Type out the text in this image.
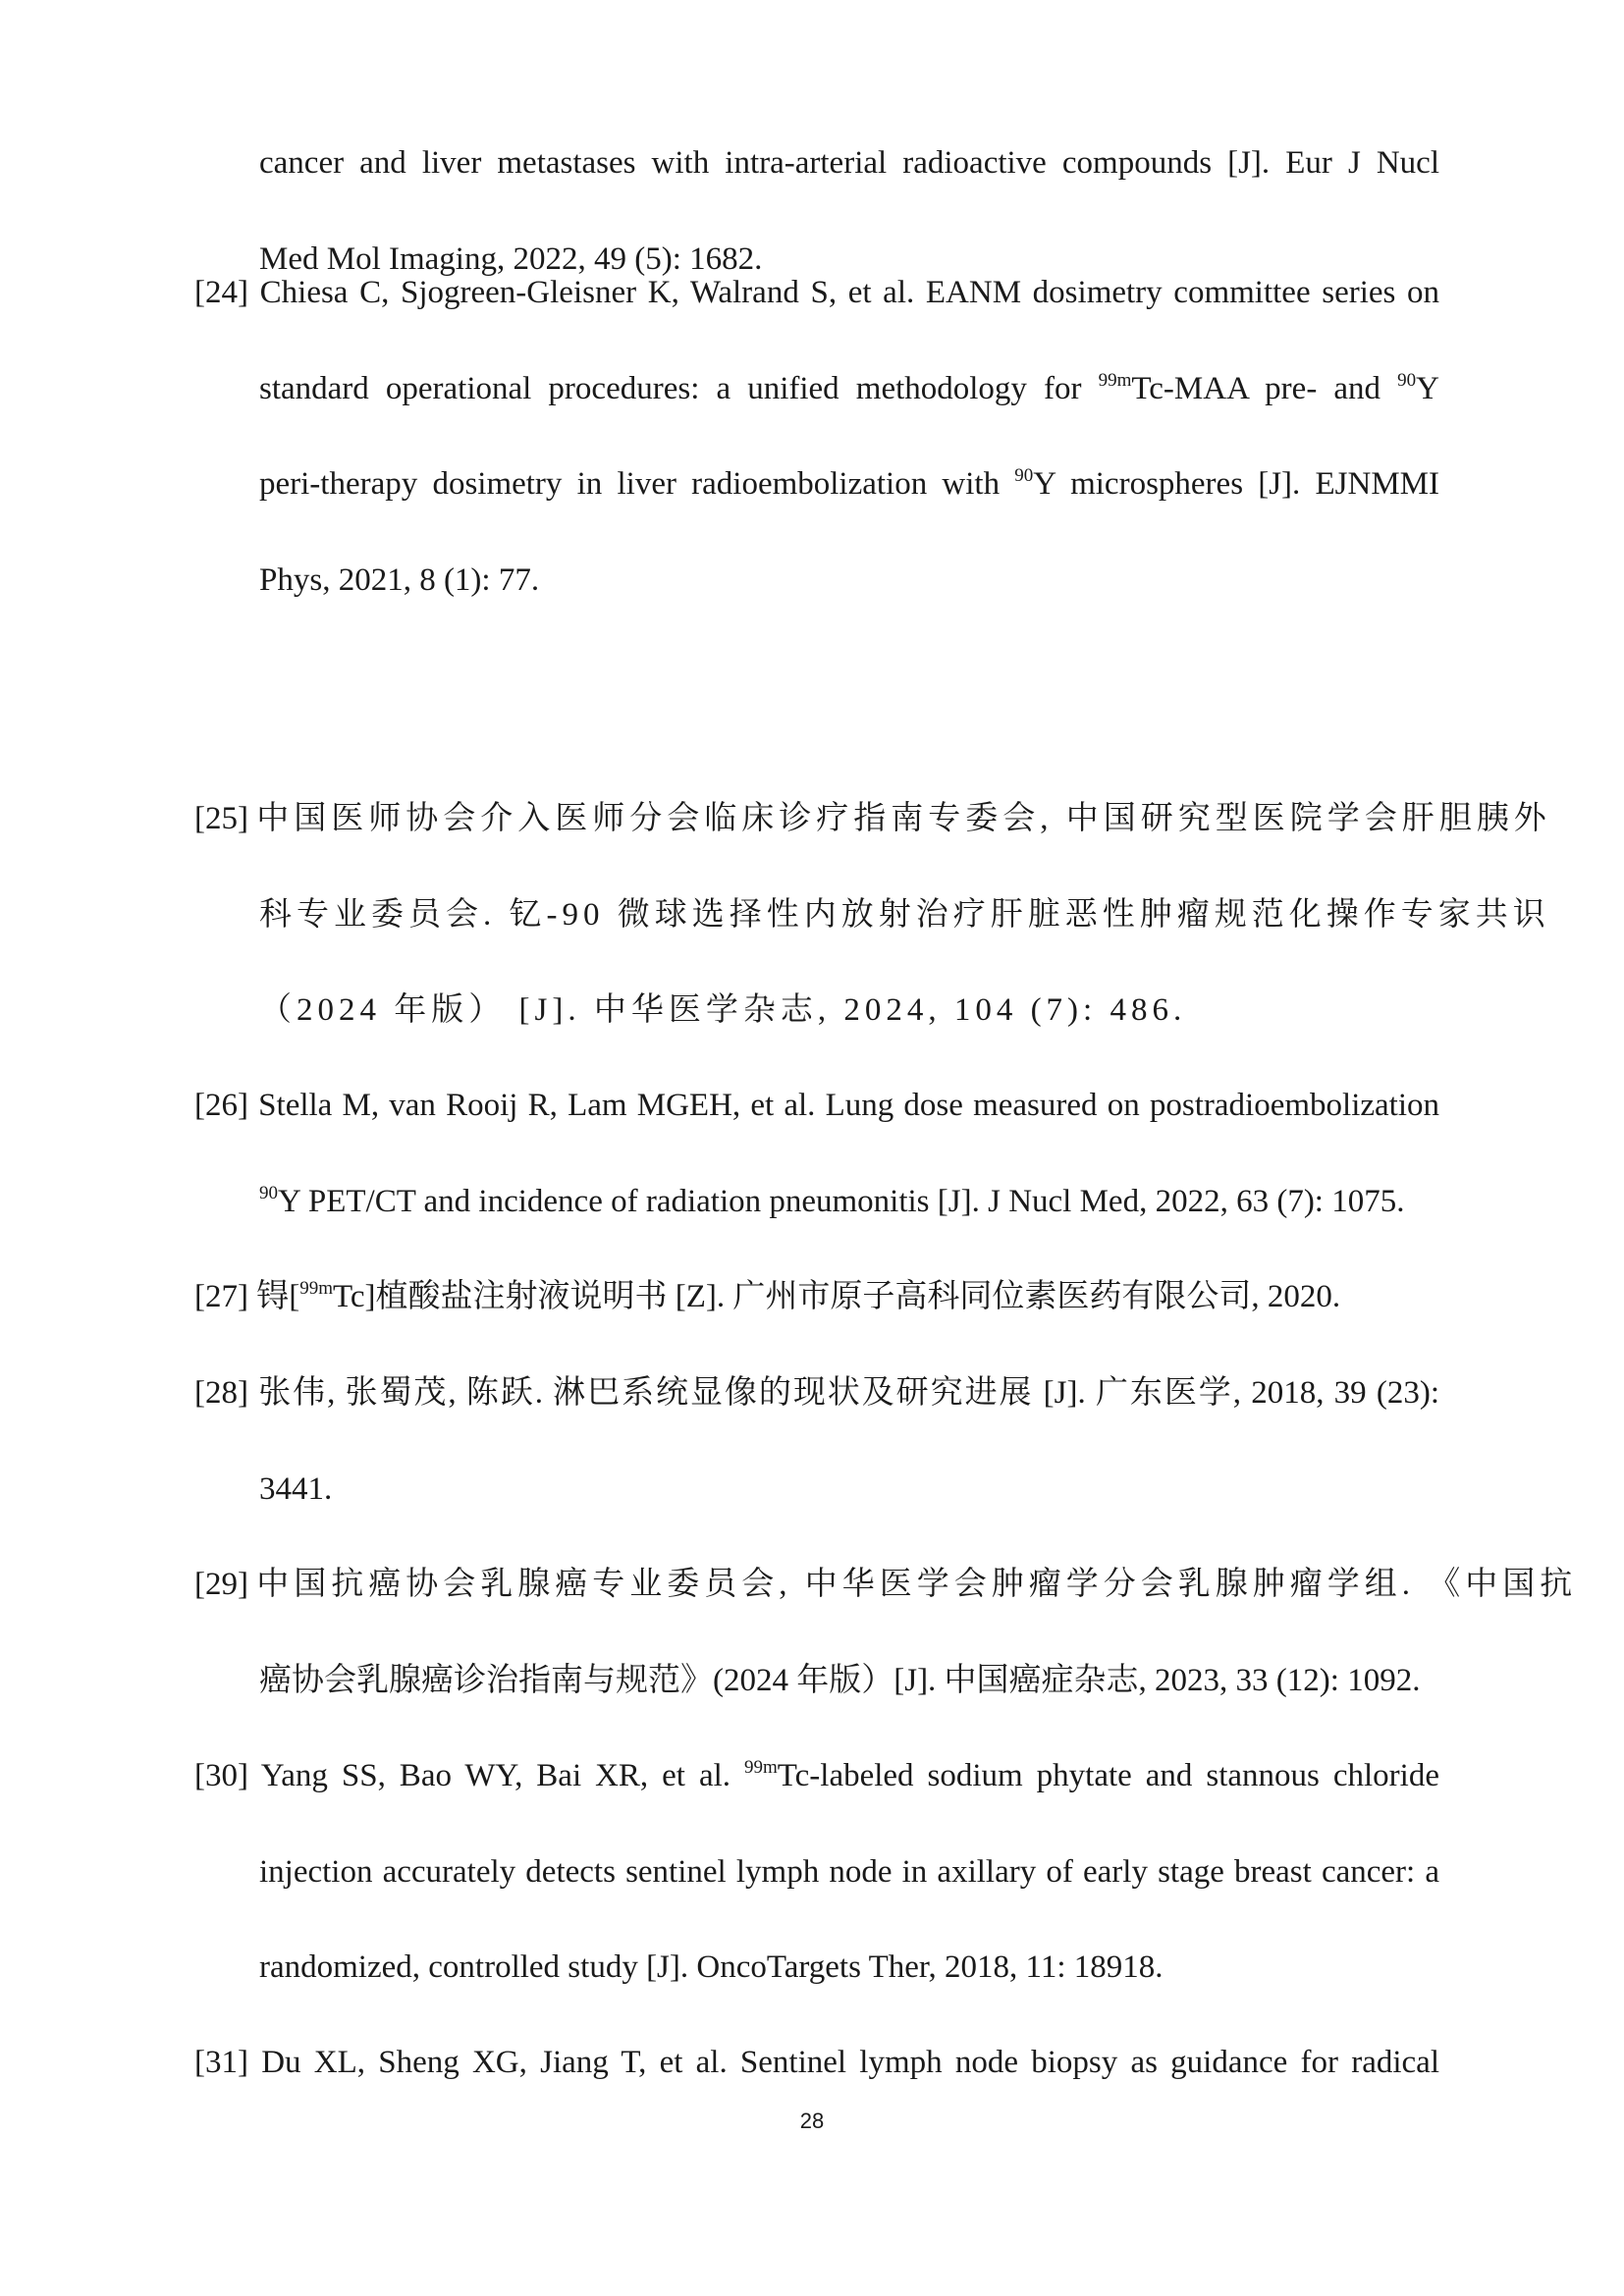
cancer and liver metastases with intra-arterial radioactive compounds [J]. Eur J Nucl
Med Mol Imaging, 2022, 49 (5): 1682.
[24] Chiesa C, Sjogreen-Gleisner K, Walrand S, et al. EANM dosimetry committee series on
standard operational procedures: a unified methodology for $^{99m}$Tc-MAA pre- and $^{90}$Y
peri-therapy dosimetry in liver radioembolization with $^{90}$Y microspheres [J]. EJNMMI
Phys, 2021, 8 (1): 77.
[25] 中国医师协会介入医师分会临床诊疗指南专委会, 中国研究型医院学会肝胆胰外
科专业委员会. 钇-90 微球选择性内放射治疗肝脏恶性肿瘤规范化操作专家共识
（2024 年版） [J]. 中华医学杂志, 2024, 104 (7): 486.
[26] Stella M, van Rooij R, Lam MGEH, et al. Lung dose measured on postradioembolization
$^{90}$Y PET/CT and incidence of radiation pneumonitis [J]. J Nucl Med, 2022, 63 (7): 1075.
[27] 锝[$^{99m}$Tc]植酸盐注射液说明书 [Z]. 广州市原子高科同位素医药有限公司, 2020.
[28] 张伟, 张蜀茂, 陈跃. 淋巴系统显像的现状及研究进展 [J]. 广东医学, 2018, 39 (23):
3441.
[29] 中国抗癌协会乳腺癌专业委员会, 中华医学会肿瘤学分会乳腺肿瘤学组. 《中国抗
癌协会乳腺癌诊治指南与规范》(2024 年版）[J]. 中国癌症杂志, 2023, 33 (12): 1092.
[30] Yang SS, Bao WY, Bai XR, et al. $^{99m}$Tc-labeled sodium phytate and stannous chloride
injection accurately detects sentinel lymph node in axillary of early stage breast cancer: a
randomized, controlled study [J]. OncoTargets Ther, 2018, 11: 18918.
[31] Du XL, Sheng XG, Jiang T, et al. Sentinel lymph node biopsy as guidance for radical
28
